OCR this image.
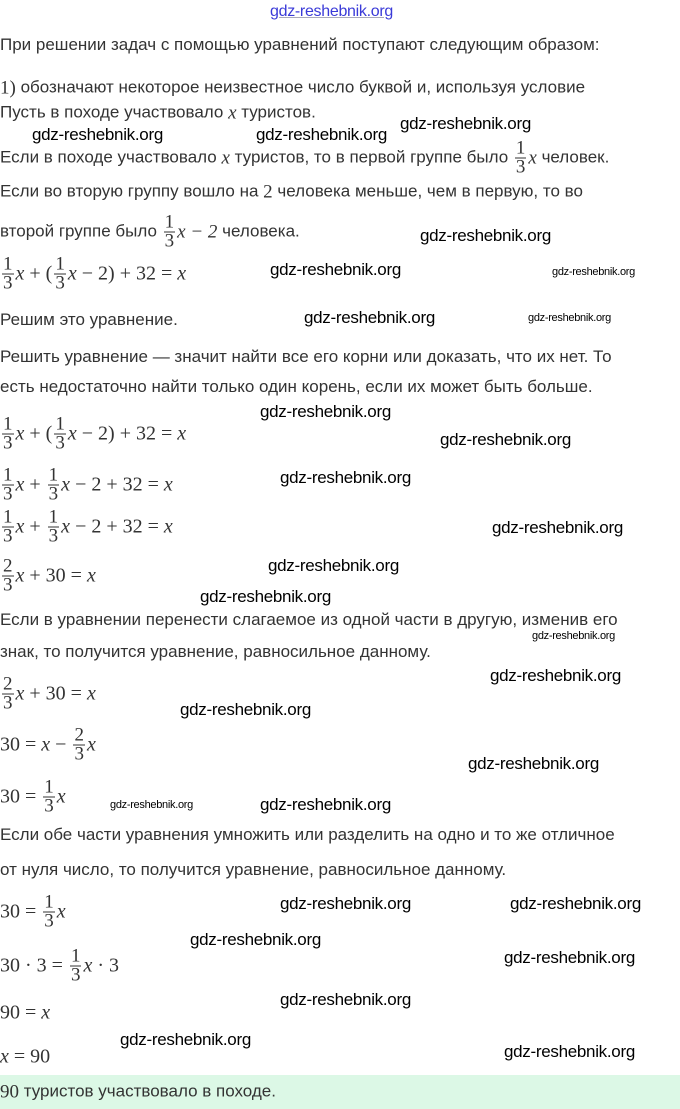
gdz-reshebnik.org
При решении задач с помощью уравнений поступают следующим образом:
1) обозначают некоторое неизвестное число буквой и, используя условие
Пусть в походе участвовало x туристов.
Если в походе участвовало x туристов, то в первой группе было $\frac{1}{3}$ x человек.
Если во вторую группу вошло на 2 человека меньше, чем в первую, то во
второй группе было $\frac{1}{3}$ x − 2 человека.
$\frac{1}{3}$ x + ( $\frac{1}{3}$ x − 2 ) + 32 = x
Решим это уравнение.
Решить уравнение — значит найти все его корни или доказать, что их нет. То
есть недостаточно найти только один корень, если их может быть больше.
$\frac{1}{3}$ x + ( $\frac{1}{3}$ x − 2 ) + 32 = x
$\frac{1}{3}$ $x + \frac{1}{3}$ x − 2 + 32 = x
$\frac{1}{3}$ $x + \frac{1}{3}$ x − 2 + 32 = x
$\frac{2}{3}$ x + 30 = x
Если в уравнении перенести слагаемое из одной части в другую, изменив его
знак, то получится уравнение, равносильное данному.
$\frac{2}{3}$ x + 30 = x
$30 = x - \frac{2}{3}$ x
$30 = \frac{1}{3}$ x
Если обе части уравнения умножить или разделить на одно и то же отличное
от нуля число, то получится уравнение, равносильное данному.
$30 = \frac{1}{3}$ x
$30 \cdot 3 = \frac{1}{3}$ x · 3
90 = x
x = 90
90 туристов участвовало в походе.
gdz-reshebnik.org	gdz-reshebnik.org
gdz-reshebnik.org
gdz-reshebnik.org
gdz-reshebnik.org	gdz-reshebnik.org
gdz-reshebnik.org	gdz-reshebnik.org
gdz-reshebnik.org
gdz-reshebnik.org
gdz-reshebnik.org
gdz-reshebnik.org
gdz-reshebnik.org
gdz-reshebnik.org
gdz-reshebnik.org
gdz-reshebnik.org
gdz-reshebnik.org
gdz-reshebnik.org
gdz-reshebnik.org	gdz-reshebnik.org
gdz-reshebnik.org
gdz-reshebnik.org
gdz-reshebnik.org
gdz-reshebnik.org
gdz-reshebnik.org
gdz-reshebnik.org
gdz-reshebnik.org
